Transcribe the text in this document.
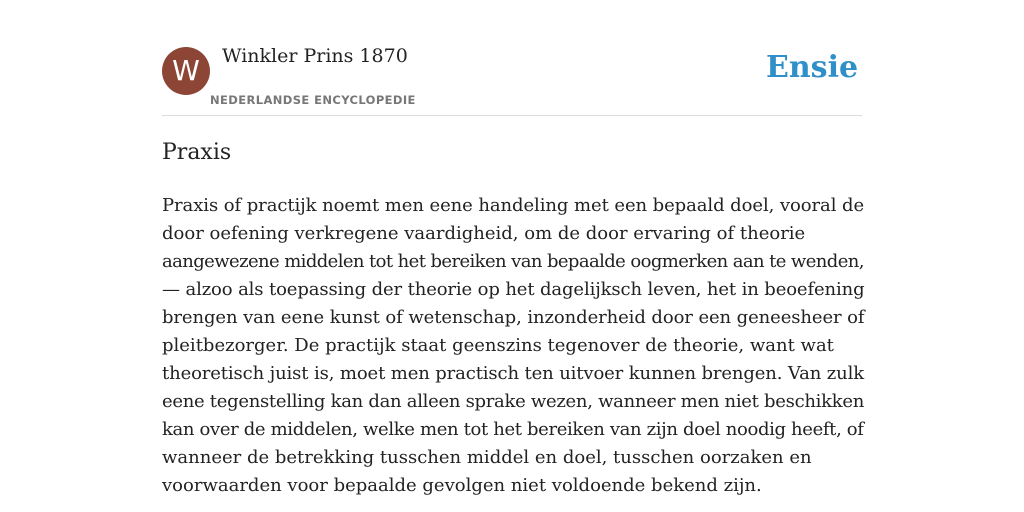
W	Winkler Prins 1870
NEDERLANDSE ENCYCLOPEDIE
Ensie
Praxis

Praxis of practijk noemt men eene handeling met een bepaald doel, vooral de
door oefening verkregene vaardigheid, om de door ervaring of theorie
aangewezene middelen tot het bereiken van bepaalde oogmerken aan te wenden,
— alzoo als toepassing der theorie op het dagelijksch leven, het in beoefening
brengen van eene kunst of wetenschap, inzonderheid door een geneesheer of
pleitbezorger. De practijk staat geenszins tegenover de theorie, want wat
theoretisch juist is, moet men practisch ten uitvoer kunnen brengen. Van zulk
eene tegenstelling kan dan alleen sprake wezen, wanneer men niet beschikken
kan over de middelen, welke men tot het bereiken van zijn doel noodig heeft, of
wanneer de betrekking tusschen middel en doel, tusschen oorzaken en
voorwaarden voor bepaalde gevolgen niet voldoende bekend zijn.
